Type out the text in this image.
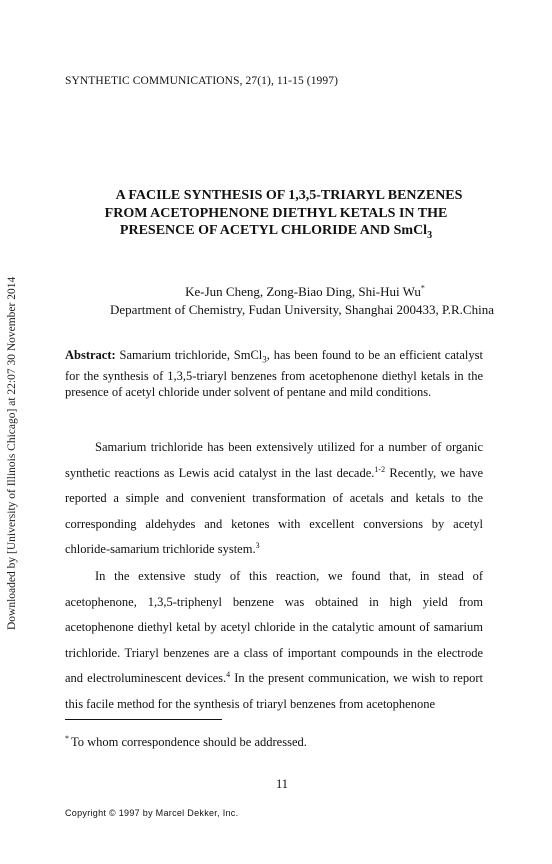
SYNTHETIC COMMUNICATIONS, 27(1), 11-15 (1997)
A FACILE SYNTHESIS OF 1,3,5-TRIARYL BENZENES
FROM ACETOPHENONE DIETHYL KETALS IN THE
PRESENCE OF ACETYL CHLORIDE AND SmCl$_3$
Ke-Jun Cheng, Zong-Biao Ding, Shi-Hui Wu*
Department of Chemistry, Fudan University, Shanghai 200433, P.R.China
Abstract: Samarium trichloride, SmCl$_3$, has been found to be an efficient catalyst for the synthesis of 1,3,5-triaryl benzenes from acetophenone diethyl ketals in the presence of acetyl chloride under solvent of pentane and mild conditions.
Samarium trichloride has been extensively utilized for a number of organic synthetic reactions as Lewis acid catalyst in the last decade.$^{1-2}$ Recently, we have reported a simple and convenient transformation of acetals and ketals to the corresponding aldehydes and ketones with excellent conversions by acetyl chloride-samarium trichloride system.$^3$
In the extensive study of this reaction, we found that, in stead of acetophenone, 1,3,5-triphenyl benzene was obtained in high yield from acetophenone diethyl ketal by acetyl chloride in the catalytic amount of samarium trichloride. Triaryl benzenes are a class of important compounds in the electrode and electroluminescent devices.$^4$ In the present communication, we wish to report this facile method for the synthesis of triaryl benzenes from acetophenone
* To whom correspondence should be addressed.
11
Copyright © 1997 by Marcel Dekker, Inc.
Downloaded by [University of Illinois Chicago] at 22:07 30 November 2014
